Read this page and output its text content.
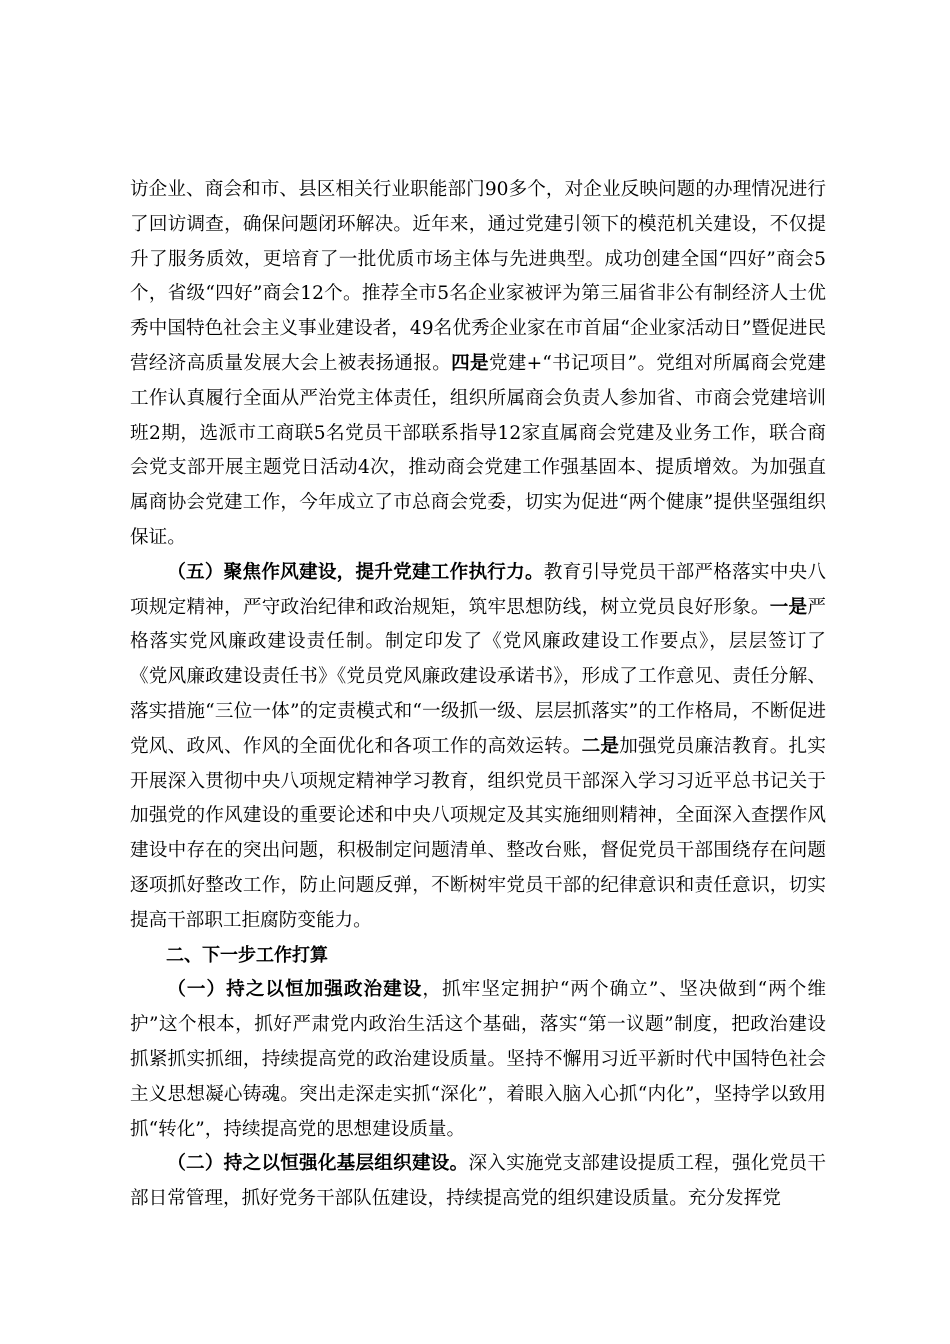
访企业、商会和市、县区相关行业职能部门90多个，对企业反映问题的办理情况进行了回访调查，确保问题闭环解决。近年来，通过党建引领下的模范机关建设，不仅提升了服务质效，更培育了一批优质市场主体与先进典型。成功创建全国“四好”商会5个，省级“四好”商会12个。推荐全市5名企业家被评为第三届省非公有制经济人士优秀中国特色社会主义事业建设者，49名优秀企业家在市首届“企业家活动日”暨促进民营经济高质量发展大会上被表扬通报。四是党建+“书记项目”。党组对所属商会党建工作认真履行全面从严治党主体责任，组织所属商会负责人参加省、市商会党建培训班2期，选派市工商联5名党员干部联系指导12家直属商会党建及业务工作，联合商会党支部开展主题党日活动4次，推动商会党建工作强基固本、提质增效。为加强直属商协会党建工作，今年成立了市总商会党委，切实为促进“两个健康”提供坚强组织保证。

（五）聚焦作风建设，提升党建工作执行力。教育引导党员干部严格落实中央八项规定精神，严守政治纪律和政治规矩，筑牢思想防线，树立党员良好形象。一是严格落实党风廉政建设责任制。制定印发了《党风廉政建设工作要点》，层层签订了《党风廉政建设责任书》《党员党风廉政建设承诺书》，形成了工作意见、责任分解、落实措施“三位一体”的定责模式和“一级抓一级、层层抓落实”的工作格局，不断促进党风、政风、作风的全面优化和各项工作的高效运转。二是加强党员廉洁教育。扎实开展深入贯彻中央八项规定精神学习教育，组织党员干部深入学习习近平总书记关于加强党的作风建设的重要论述和中央八项规定及其实施细则精神，全面深入查摆作风建设中存在的突出问题，积极制定问题清单、整改台账，督促党员干部围绕存在问题逐项抓好整改工作，防止问题反弹，不断树牢党员干部的纪律意识和责任意识，切实提高干部职工拒腐防变能力。

二、下一步工作打算

（一）持之以恒加强政治建设，抓牢坚定拥护“两个确立”、坚决做到“两个维护”这个根本，抓好严肃党内政治生活这个基础，落实“第一议题”制度，把政治建设抓紧抓实抓细，持续提高党的政治建设质量。坚持不懈用习近平新时代中国特色社会主义思想凝心铸魂。突出走深走实抓“深化”，着眼入脑入心抓“内化”，坚持学以致用抓“转化”，持续提高党的思想建设质量。

（二）持之以恒强化基层组织建设。深入实施党支部建设提质工程，强化党员干部日常管理，抓好党务干部队伍建设，持续提高党的组织建设质量。充分发挥党
